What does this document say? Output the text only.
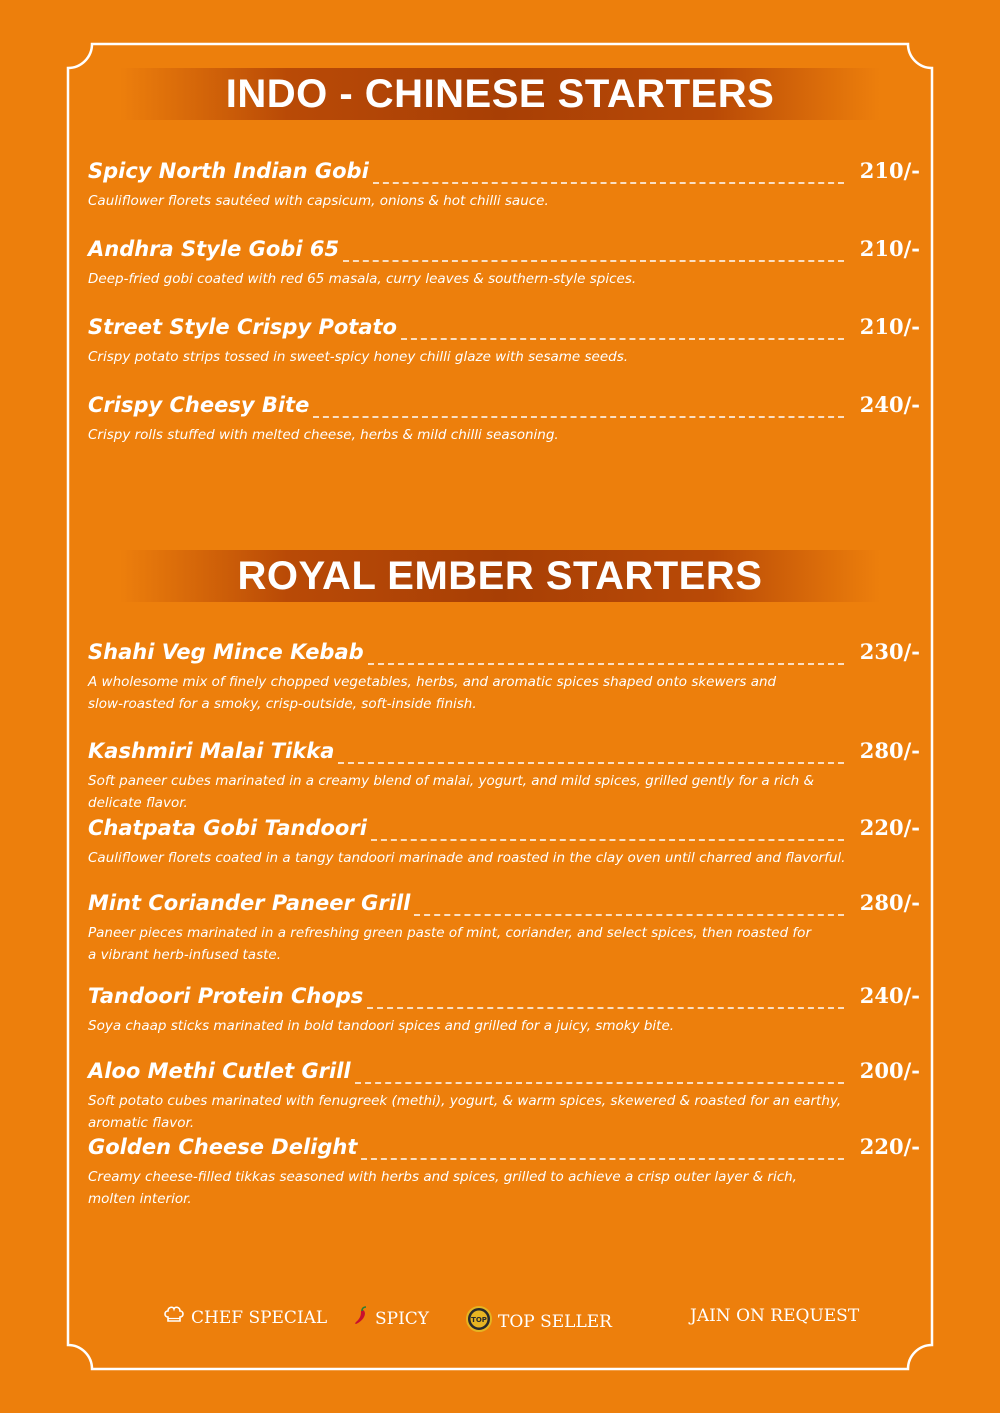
INDO - CHINESE STARTERS
ROYAL EMBER STARTERS
Spicy North Indian Gobi	210/-
Cauliflower florets sautéed with capsicum, onions & hot chilli sauce.
Andhra Style Gobi 65	210/-
Deep-fried gobi coated with red 65 masala, curry leaves & southern-style spices.
Street Style Crispy Potato	210/-
Crispy potato strips tossed in sweet-spicy honey chilli glaze with sesame seeds.
Crispy Cheesy Bite	240/-
Crispy rolls stuffed with melted cheese, herbs & mild chilli seasoning.
Shahi Veg Mince Kebab	230/-
A wholesome mix of finely chopped vegetables, herbs, and aromatic spices shaped onto skewers and
slow-roasted for a smoky, crisp-outside, soft-inside finish.
Kashmiri Malai Tikka	280/-
Soft paneer cubes marinated in a creamy blend of malai, yogurt, and mild spices, grilled gently for a rich & delicate flavor.
Chatpata Gobi Tandoori	220/-
Cauliflower florets coated in a tangy tandoori marinade and roasted in the clay oven until charred and flavorful.
Mint Coriander Paneer Grill	280/-
Paneer pieces marinated in a refreshing green paste of mint, coriander, and select spices, then roasted for
a vibrant herb-infused taste.
Tandoori Protein Chops	240/-
Soya chaap sticks marinated in bold tandoori spices and grilled for a juicy, smoky bite.
Aloo Methi Cutlet Grill	200/-
Soft potato cubes marinated with fenugreek (methi), yogurt, & warm spices, skewered & roasted for an earthy, aromatic flavor.
Golden Cheese Delight	220/-
Creamy cheese-filled tikkas seasoned with herbs and spices, grilled to achieve a crisp outer layer & rich, molten interior.
CHEF SPECIAL	SPICY	TOP TOP SELLER	JAIN ON REQUEST
